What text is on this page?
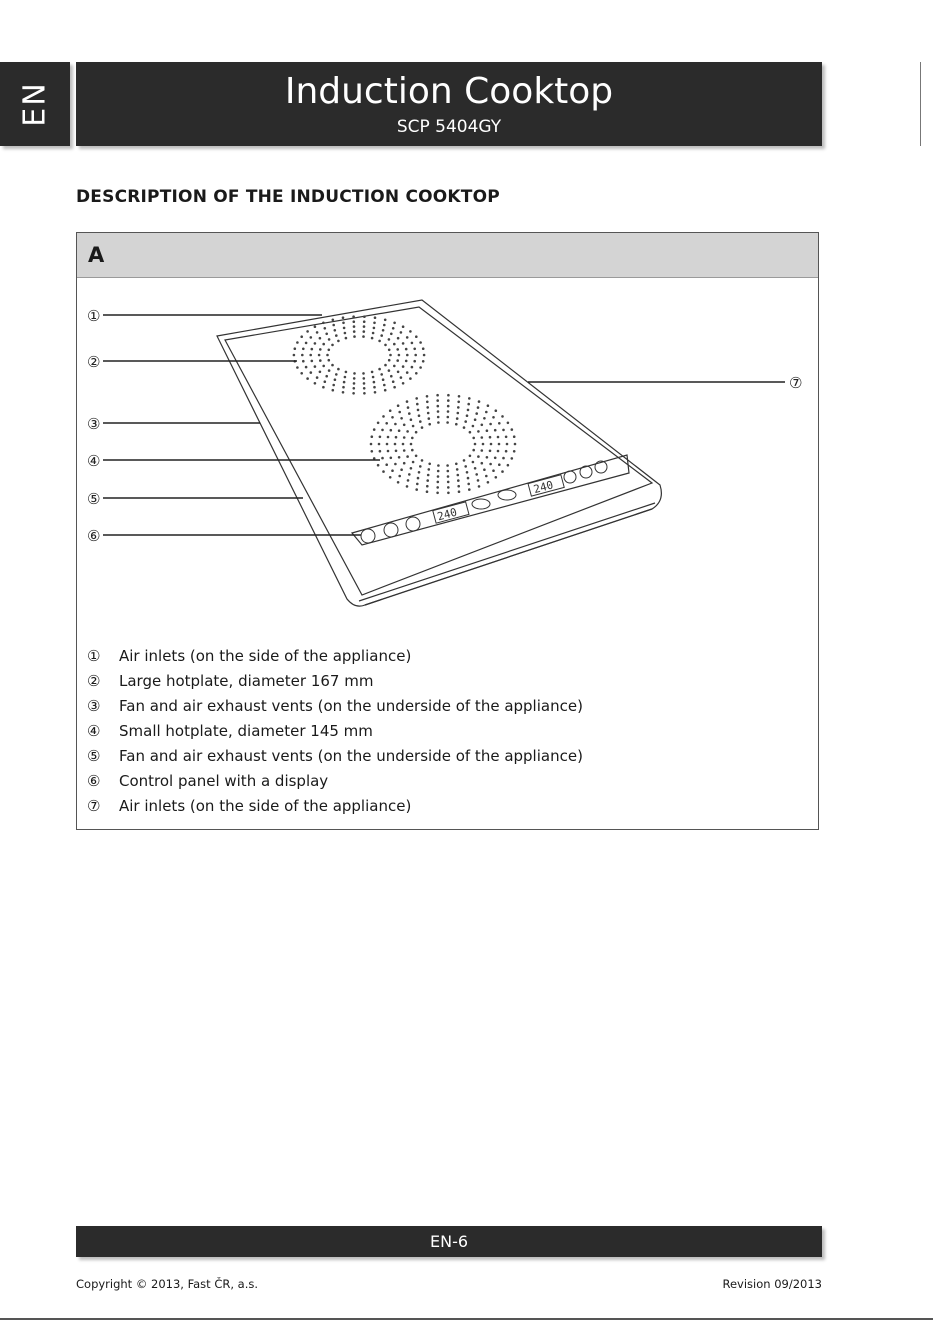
EN	Induction Cooktop
SCP 5404GY
DESCRIPTION OF THE INDUCTION COOKTOP
A
240
240
①
②
③
④
⑤
⑥
⑦
① Air inlets (on the side of the appliance)
② Large hotplate, diameter 167 mm
③ Fan and air exhaust vents (on the underside of the appliance)
④ Small hotplate, diameter 145 mm
⑤ Fan and air exhaust vents (on the underside of the appliance)
⑥ Control panel with a display
⑦ Air inlets (on the side of the appliance)
EN-6
Copyright © 2013, Fast ČR, a.s.	Revision 09/2013
